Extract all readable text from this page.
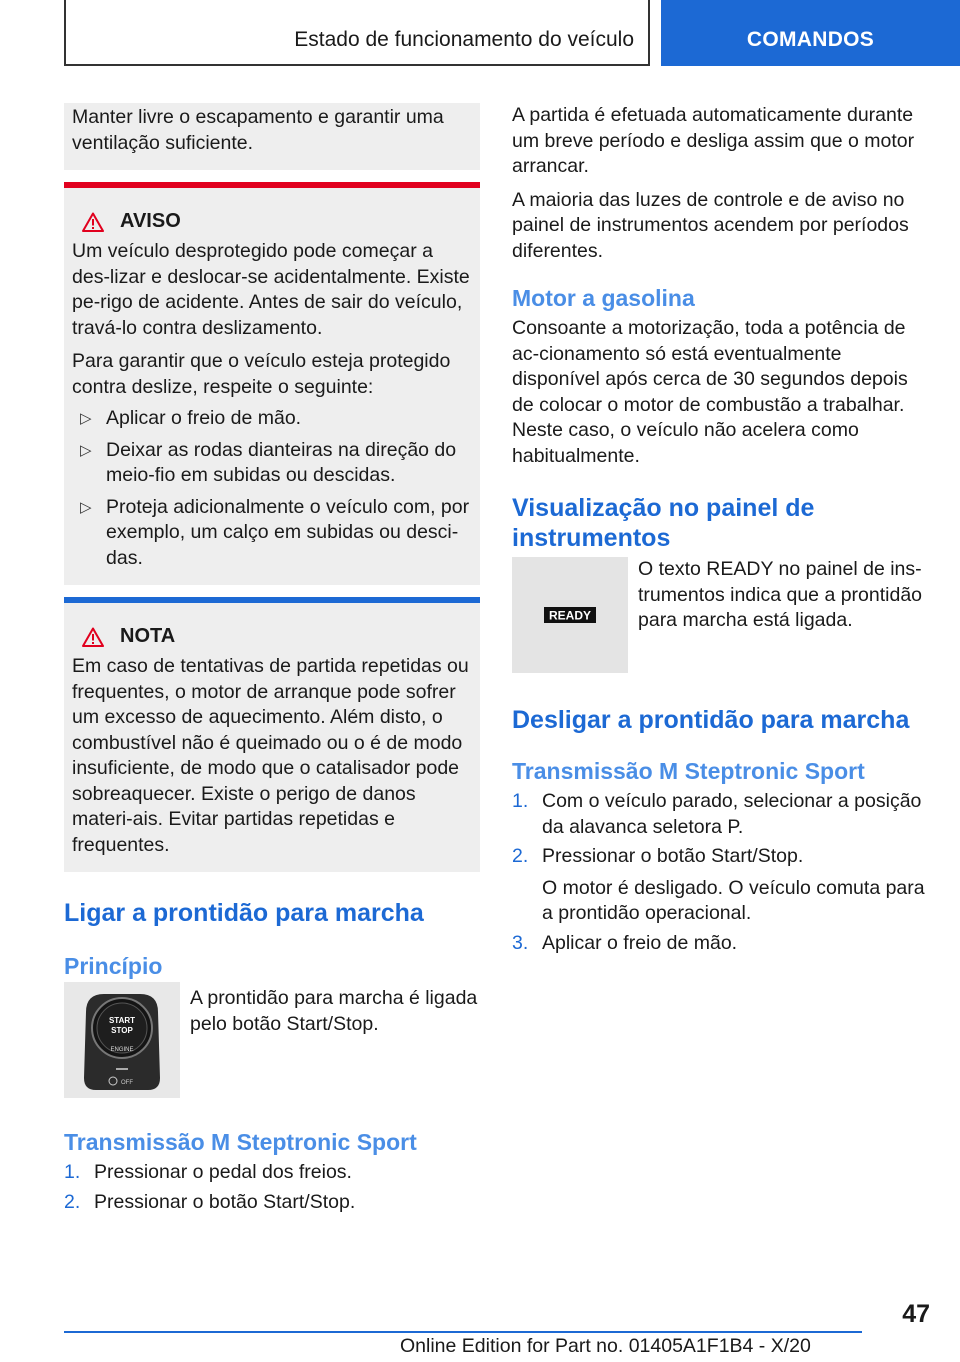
Estado de funcionamento do veículo	COMANDOS
Manter livre o escapamento e garantir uma ventilação suficiente.
AVISO
Um veículo desprotegido pode começar a des-lizar e deslocar-se acidentalmente. Existe pe-rigo de acidente. Antes de sair do veículo, travá-lo contra deslizamento.
Para garantir que o veículo esteja protegido contra deslize, respeite o seguinte:
▷ Aplicar o freio de mão.
▷ Deixar as rodas dianteiras na direção do meio-fio em subidas ou descidas.
▷ Proteja adicionalmente o veículo com, por exemplo, um calço em subidas ou desci-das.
NOTA
Em caso de tentativas de partida repetidas ou frequentes, o motor de arranque pode sofrer um excesso de aquecimento. Além disto, o combustível não é queimado ou o é de modo insuficiente, de modo que o catalisador pode sobreaquecer. Existe o perigo de danos materi-ais. Evitar partidas repetidas e frequentes.
Ligar a prontidão para marcha
Princípio
START
STOP
ENGINE
OFF
A prontidão para marcha é ligada pelo botão Start/Stop.
Transmissão M Steptronic Sport
1. Pressionar o pedal dos freios.
2. Pressionar o botão Start/Stop.
A partida é efetuada automaticamente durante um breve período e desliga assim que o motor arrancar.
A maioria das luzes de controle e de aviso no painel de instrumentos acendem por períodos diferentes.
Motor a gasolina
Consoante a motorização, toda a potência de ac-cionamento só está eventualmente disponível após cerca de 30 segundos depois de colocar o motor de combustão a trabalhar. Neste caso, o veículo não acelera como habitualmente.
Visualização no painel de instrumentos
READY
O texto READY no painel de ins-trumentos indica que a prontidão para marcha está ligada.
Desligar a prontidão para marcha
Transmissão M Steptronic Sport
1. Com o veículo parado, selecionar a posição da alavanca seletora P.
2. Pressionar o botão Start/Stop.
O motor é desligado. O veículo comuta para a prontidão operacional.
3. Aplicar o freio de mão.
47
Online Edition for Part no. 01405A1F1B4 - X/20
